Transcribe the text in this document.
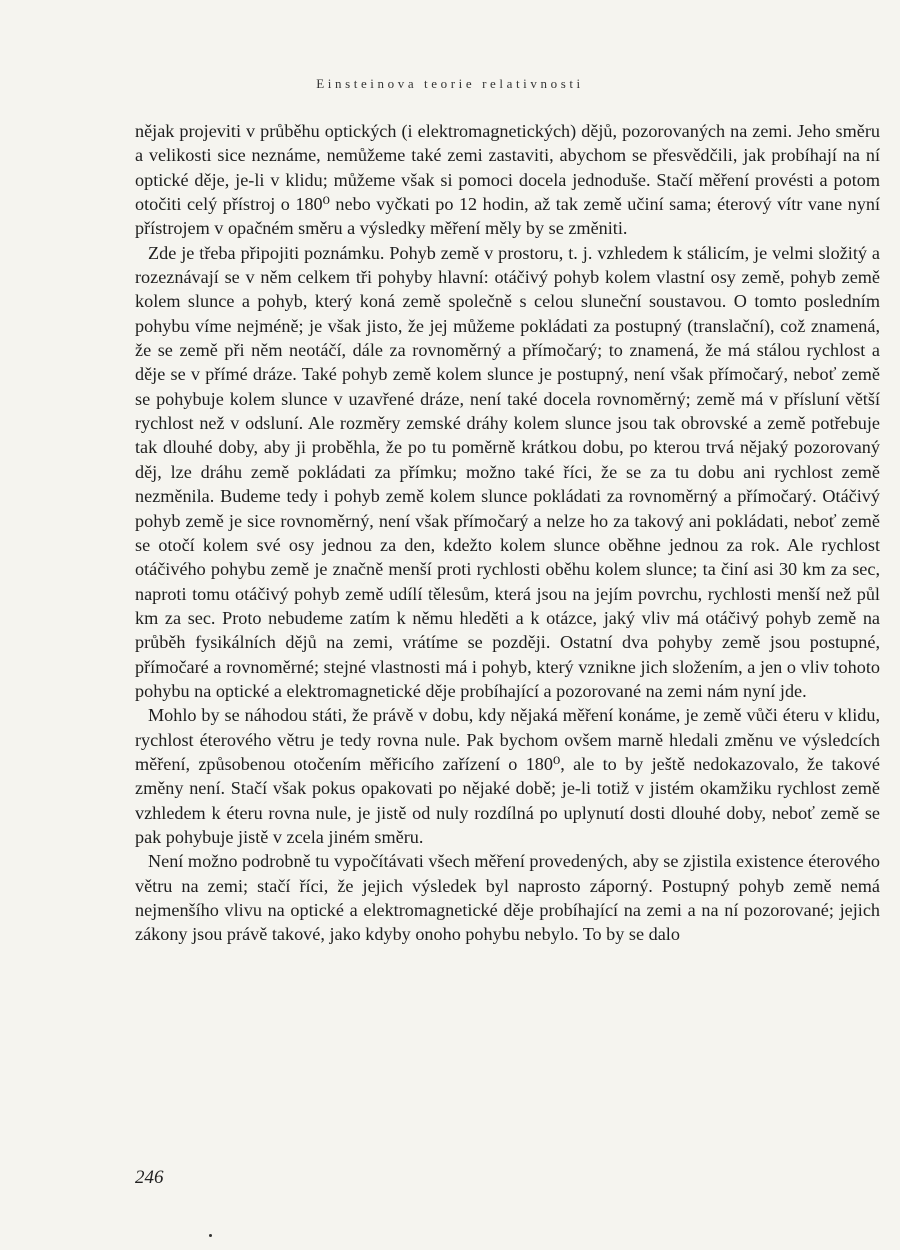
Einsteinova teorie relativnosti

nějak projeviti v průběhu optických (i elektromagnetických) dějů, pozorovaných na zemi. Jeho směru a velikosti sice neznáme, nemůžeme také zemi zastaviti, abychom se přesvědčili, jak probíhají na ní optické děje, je-li v klidu; můžeme však si pomoci docela jednoduše. Stačí měření provésti a potom otočiti celý přístroj o 180⁰ nebo vyčkati po 12 hodin, až tak země učiní sama; éterový vítr vane nyní přístrojem v opačném směru a výsledky měření měly by se změniti.

Zde je třeba připojiti poznámku. Pohyb země v prostoru, t. j. vzhledem k stálicím, je velmi složitý a rozeznávají se v něm celkem tři pohyby hlavní: otáčivý pohyb kolem vlastní osy země, pohyb země kolem slunce a pohyb, který koná země společně s celou sluneční soustavou. O tomto posledním pohybu víme nejméně; je však jisto, že jej můžeme pokládati za postupný (translační), což znamená, že se země při něm neotáčí, dále za rovnoměrný a přímočarý; to znamená, že má stálou rychlost a děje se v přímé dráze. Také pohyb země kolem slunce je postupný, není však přímočarý, neboť země se pohybuje kolem slunce v uzavřené dráze, není také docela rovnoměrný; země má v přísluní větší rychlost než v odsluní. Ale rozměry zemské dráhy kolem slunce jsou tak obrovské a země potřebuje tak dlouhé doby, aby ji proběhla, že po tu poměrně krátkou dobu, po kterou trvá nějaký pozorovaný děj, lze dráhu země pokládati za přímku; možno také říci, že se za tu dobu ani rychlost země nezměnila. Budeme tedy i pohyb země kolem slunce pokládati za rovnoměrný a přímočarý. Otáčivý pohyb země je sice rovnoměrný, není však přímočarý a nelze ho za takový ani pokládati, neboť země se otočí kolem své osy jednou za den, kdežto kolem slunce oběhne jednou za rok. Ale rychlost otáčivého pohybu země je značně menší proti rychlosti oběhu kolem slunce; ta činí asi 30 km za sec, naproti tomu otáčivý pohyb země udílí tělesům, která jsou na jejím povrchu, rychlosti menší než půl km za sec. Proto nebudeme zatím k němu hleděti a k otázce, jaký vliv má otáčivý pohyb země na průběh fysikálních dějů na zemi, vrátíme se později. Ostatní dva pohyby země jsou postupné, přímočaré a rovnoměrné; stejné vlastnosti má i pohyb, který vznikne jich složením, a jen o vliv tohoto pohybu na optické a elektromagnetické děje probíhající a pozorované na zemi nám nyní jde.

Mohlo by se náhodou státi, že právě v dobu, kdy nějaká měření konáme, je země vůči éteru v klidu, rychlost éterového větru je tedy rovna nule. Pak bychom ovšem marně hledali změnu ve výsledcích měření, způsobenou otočením měřicího zařízení o 180⁰, ale to by ještě nedokazovalo, že takové změny není. Stačí však pokus opakovati po nějaké době; je-li totiž v jistém okamžiku rychlost země vzhledem k éteru rovna nule, je jistě od nuly rozdílná po uplynutí dosti dlouhé doby, neboť země se pak pohybuje jistě v zcela jiném směru.

Není možno podrobně tu vypočítávati všech měření provedených, aby se zjistila existence éterového větru na zemi; stačí říci, že jejich výsledek byl naprosto záporný. Postupný pohyb země nemá nejmenšího vlivu na optické a elektromagnetické děje probíhající na zemi a na ní pozorované; jejich zákony jsou právě takové, jako kdyby onoho pohybu nebylo. To by se dalo

246
